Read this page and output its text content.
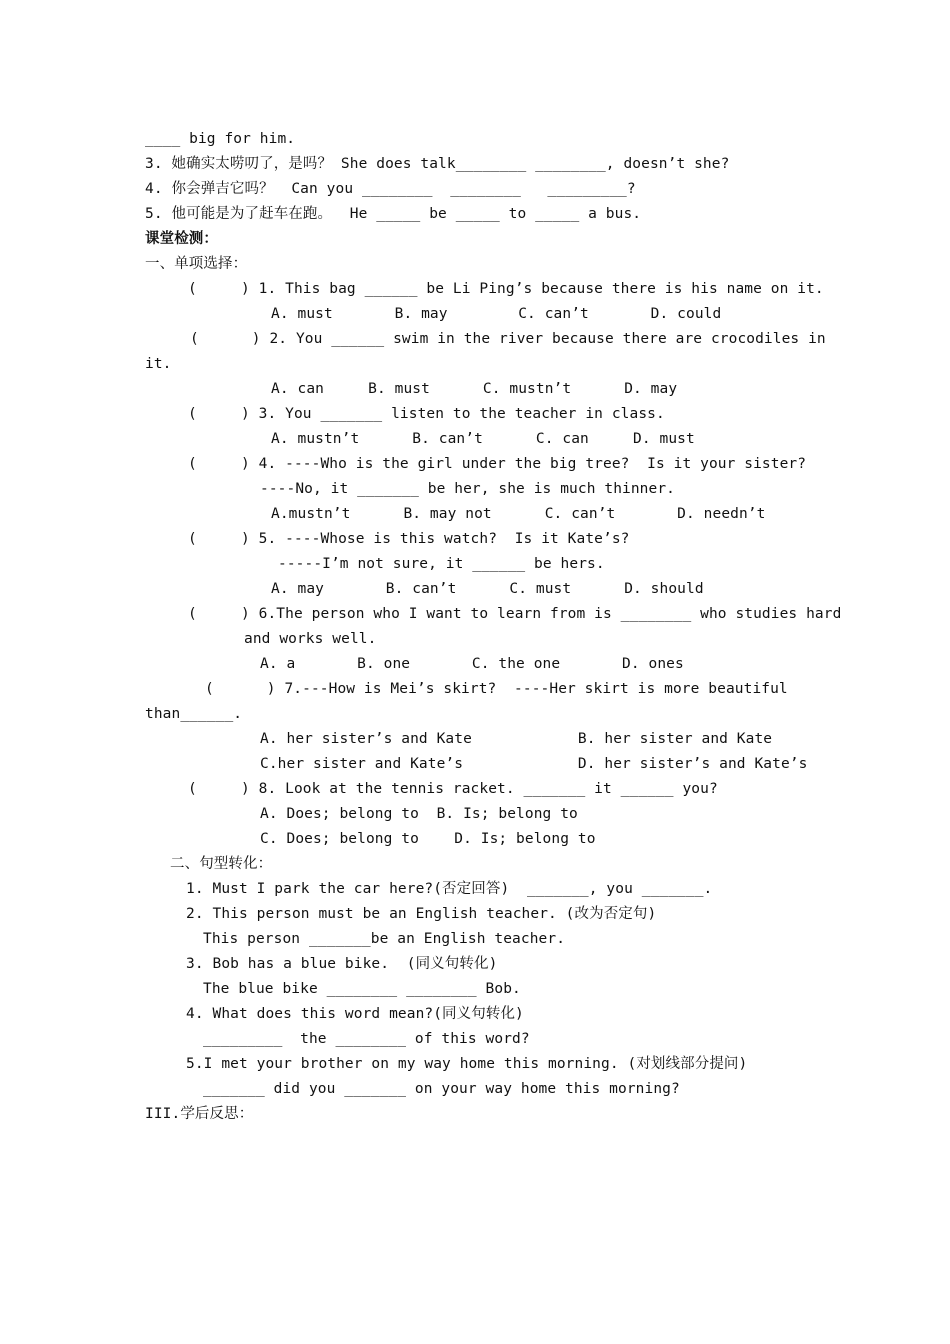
____ big for him.
3. 她确实太唠叨了，是吗？ She does talk________ ________, doesn’t she?
4. 你会弹吉它吗？  Can you ________  ________   _________?
5. 他可能是为了赶车在跑。  He _____ be _____ to _____ a bus.
课堂检测：
一、单项选择：
(     ) 1. This bag ______ be Li Ping’s because there is his name on it.
A. must       B. may        C. can’t       D. could
(      ) 2. You ______ swim in the river because there are crocodiles in
it.
A. can     B. must      C. mustn’t      D. may
(     ) 3. You _______ listen to the teacher in class.
A. mustn’t      B. can’t      C. can     D. must
(     ) 4. ----Who is the girl under the big tree?  Is it your sister?
----No, it _______ be her, she is much thinner.
A.mustn’t      B. may not      C. can’t       D. needn’t
(     ) 5. ----Whose is this watch?  Is it Kate’s?
-----I’m not sure, it ______ be hers.
A. may       B. can’t      C. must      D. should
(     ) 6.The person who I want to learn from is ________ who studies hard
and works well.
A. a       B. one       C. the one       D. ones
(      ) 7.---How is Mei’s skirt?  ----Her skirt is more beautiful
than______.
A. her sister’s and Kate            B. her sister and Kate
C.her sister and Kate’s             D. her sister’s and Kate’s
(     ) 8. Look at the tennis racket. _______ it ______ you?
A. Does; belong to  B. Is; belong to
C. Does; belong to    D. Is; belong to
二、句型转化：
1. Must I park the car here?(否定回答)  _______, you _______.
2. This person must be an English teacher. (改为否定句)
This person _______be an English teacher.
3. Bob has a blue bike.  (同义句转化)
The blue bike ________ ________ Bob.
4. What does this word mean?(同义句转化)
_________  the ________ of this word?
5.I met your brother on my way home this morning. (对划线部分提问)
_______ did you _______ on your way home this morning?
III.学后反思：
